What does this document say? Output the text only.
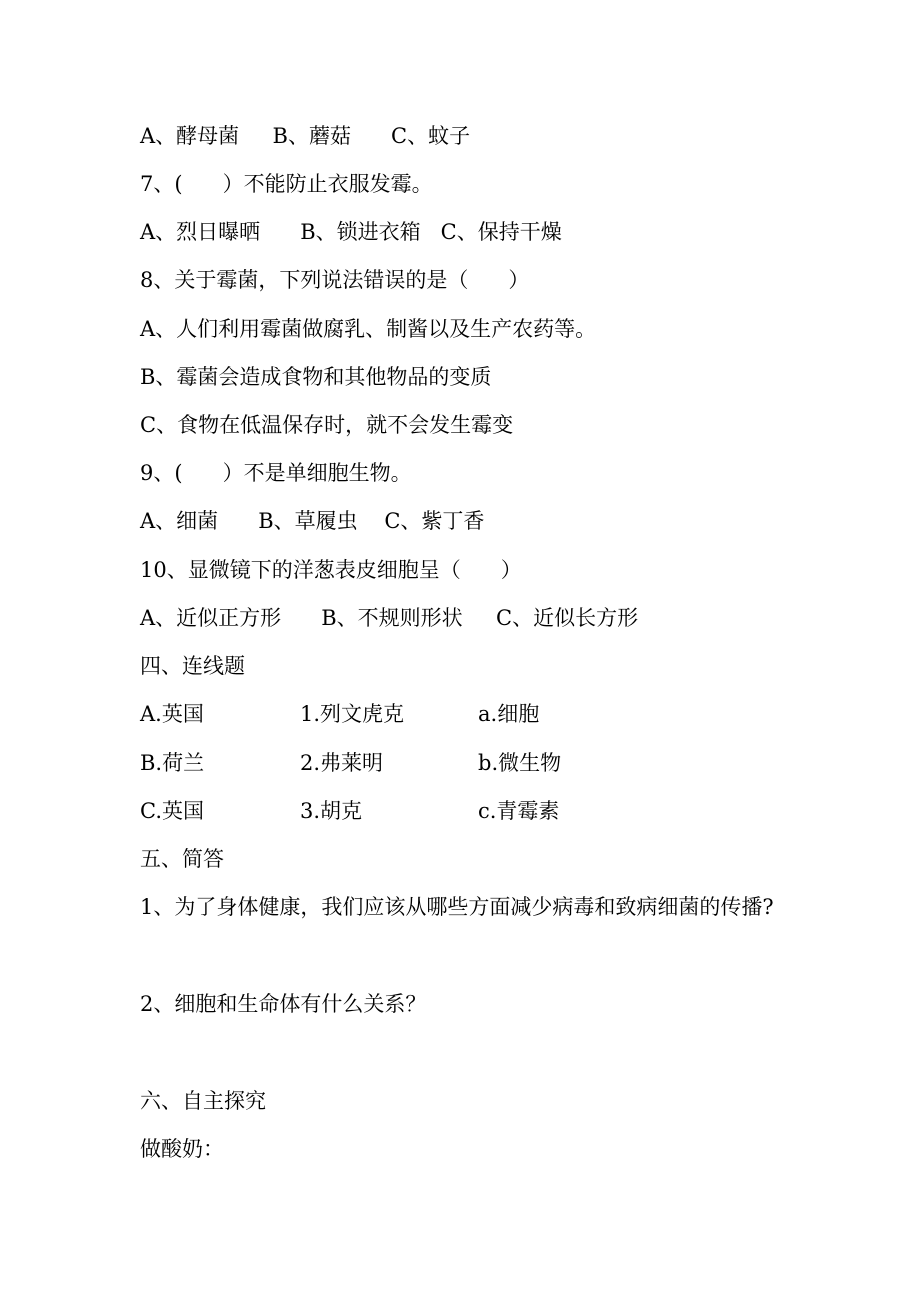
A、酵母菌     B、蘑菇      C、蚊子
7、(      ）不能防止衣服发霉。
A、烈日曝晒      B、锁进衣箱   C、保持干燥
8、关于霉菌，下列说法错误的是（      ）
A、人们利用霉菌做腐乳、制酱以及生产农药等。
B、霉菌会造成食物和其他物品的变质
C、食物在低温保存时，就不会发生霉变
9、(      ）不是单细胞生物。
A、细菌      B、草履虫    C、紫丁香
10、显微镜下的洋葱表皮细胞呈（      ）
A、近似正方形      B、不规则形状     C、近似长方形
四、连线题
A.英国	1.列文虎克	a.细胞
B.荷兰	2.弗莱明	b.微生物
C.英国	3.胡克	c.青霉素
五、简答
1、为了身体健康，我们应该从哪些方面减少病毒和致病细菌的传播?
2、细胞和生命体有什么关系？
六、自主探究
做酸奶：
